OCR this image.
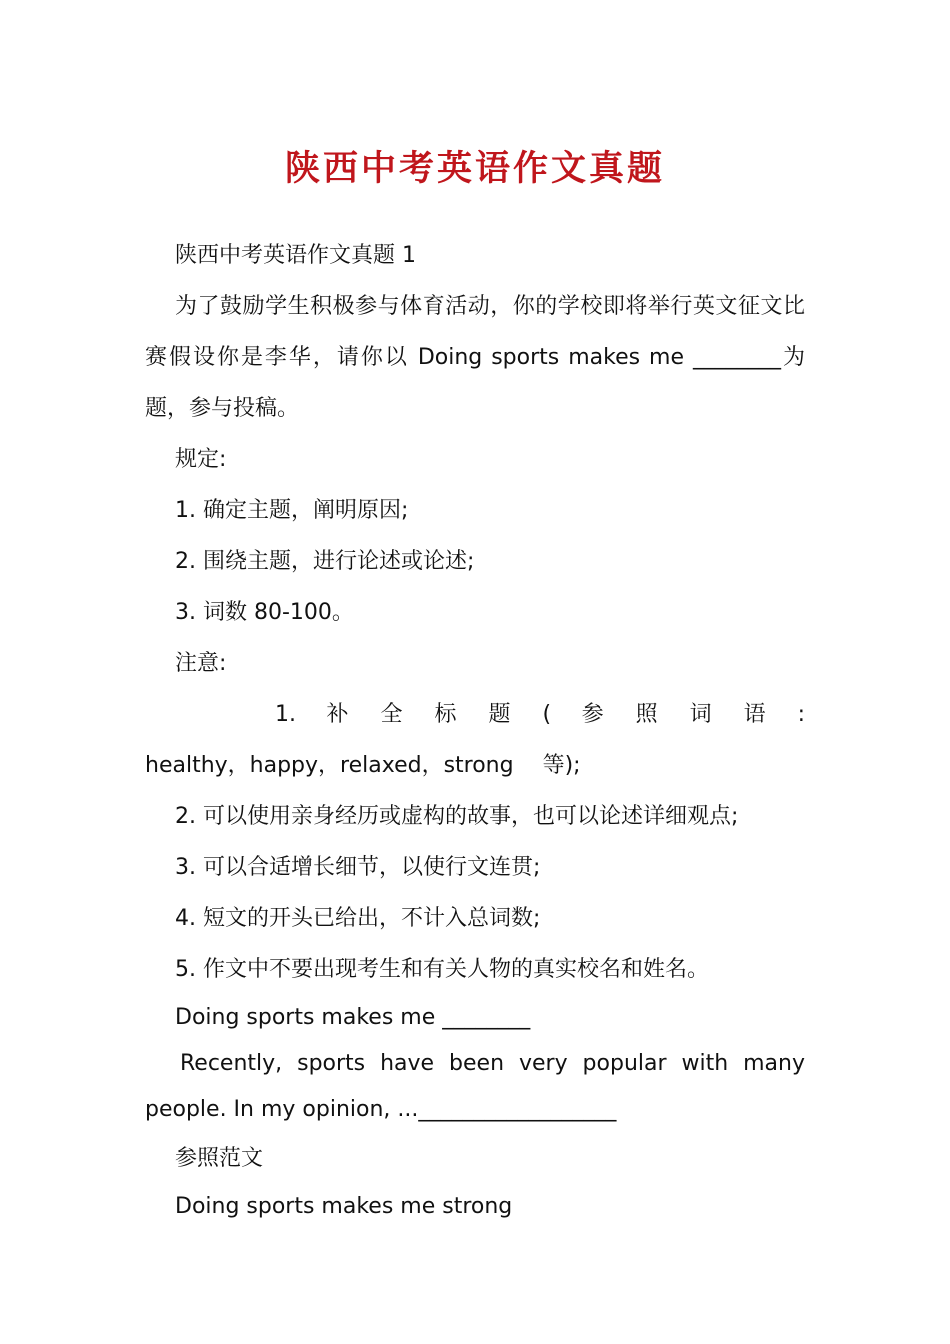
陕西中考英语作文真题

陕西中考英语作文真题 1

为了鼓励学生积极参与体育活动，你的学校即将举行英文征文比赛假设你是李华，请你以 Doing sports makes me ________为题，参与投稿。

规定:

1. 确定主题，阐明原因;

2. 围绕主题，进行论述或论述;

3. 词数 80-100。

注意:

1. 补 全 标 题 ( 参 照 词 语 : healthy，happy，relaxed，strong 等);

2. 可以使用亲身经历或虚构的故事，也可以论述详细观点;

3. 可以合适增长细节，以使行文连贯;

4. 短文的开头已给出，不计入总词数;

5. 作文中不要出现考生和有关人物的真实校名和姓名。

Doing sports makes me ________

Recently, sports have been very popular with many people. In my opinion, ...__________________

参照范文

Doing sports makes me strong
